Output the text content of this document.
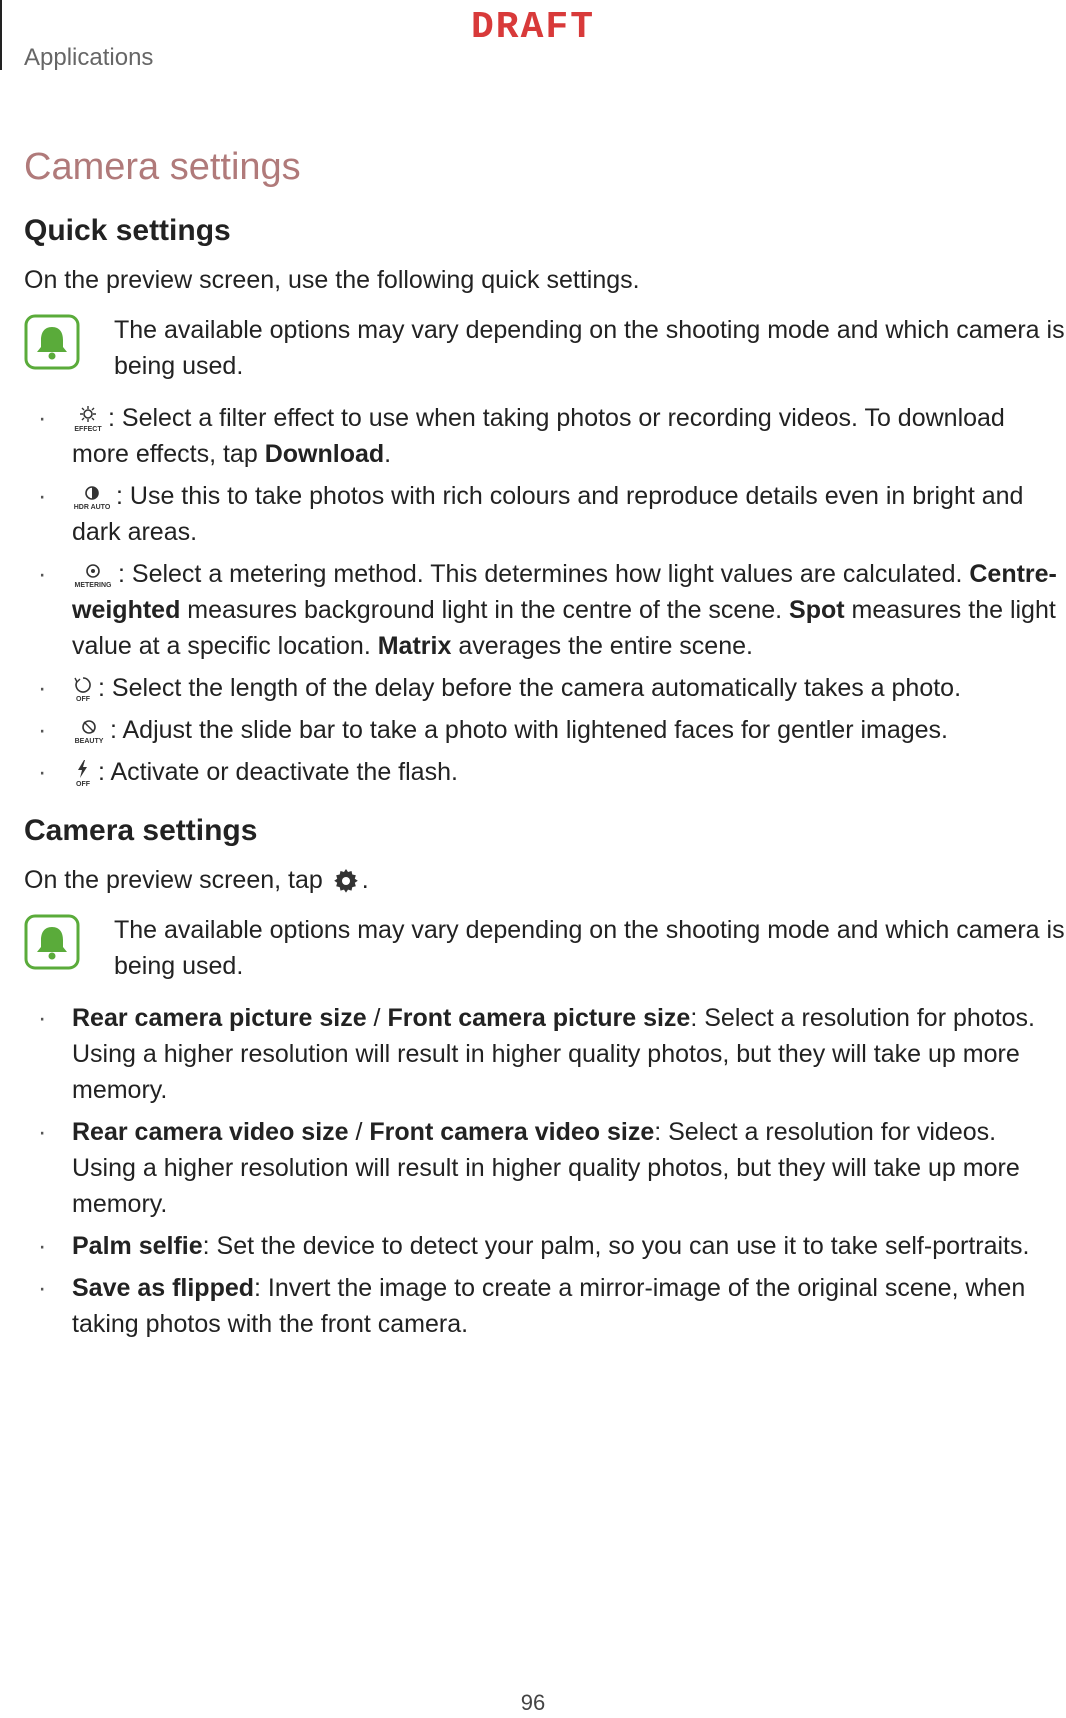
Applications
DRAFT
Camera settings
Quick settings

On the preview screen, use the following quick settings.

The available options may vary depending on the shooting mode and which camera is being used.
·	EFFECT : Select a filter effect to use when taking photos or recording videos. To download more effects, tap Download.
·	HDR AUTO : Use this to take photos with rich colours and reproduce details even in bright and dark areas.
·	METERING : Select a metering method. This determines how light values are calculated. Centre-weighted measures background light in the centre of the scene. Spot measures the light value at a specific location. Matrix averages the entire scene.
·	OFF : Select the length of the delay before the camera automatically takes a photo.
·	BEAUTY : Adjust the slide bar to take a photo with lightened faces for gentler images.
·	OFF : Activate or deactivate the flash.
Camera settings

On the preview screen, tap .

The available options may vary depending on the shooting mode and which camera is being used.
· Rear camera picture size / Front camera picture size: Select a resolution for photos. Using a higher resolution will result in higher quality photos, but they will take up more memory.
· Rear camera video size / Front camera video size: Select a resolution for videos. Using a higher resolution will result in higher quality photos, but they will take up more memory.
· Palm selfie: Set the device to detect your palm, so you can use it to take self-portraits.
· Save as flipped: Invert the image to create a mirror-image of the original scene, when taking photos with the front camera.
96
